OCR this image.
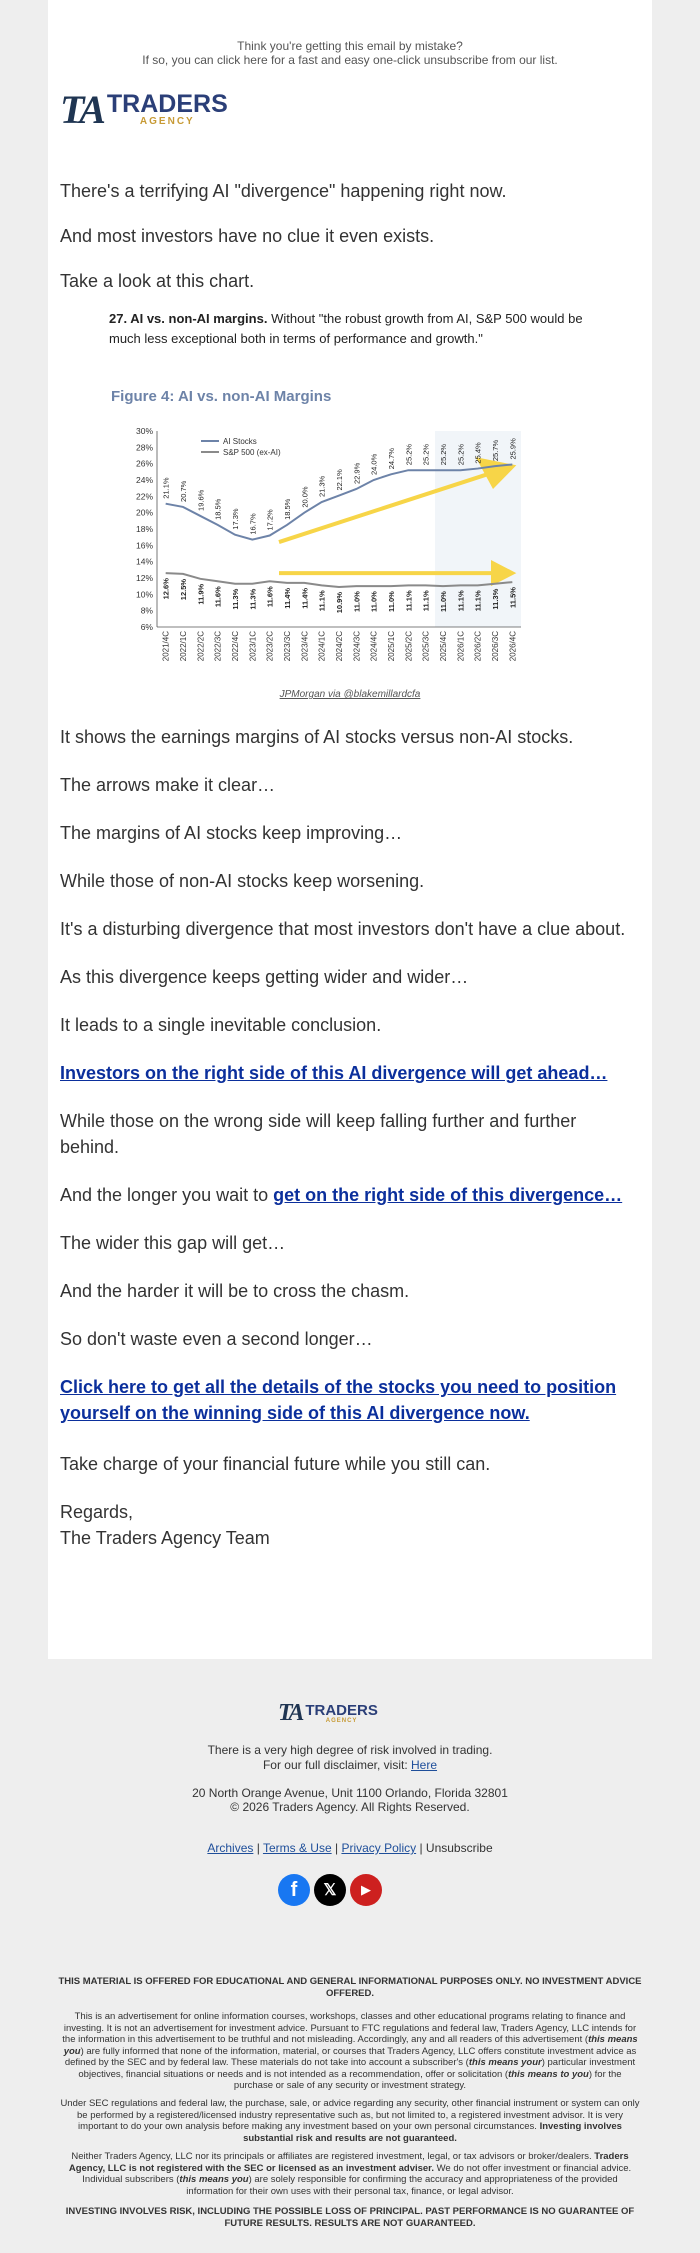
Think you're getting this email by mistake?
If so, you can click here for a fast and easy one-click unsubscribe from our list.
TA TRADERS
AGENCY
There's a terrifying AI "divergence" happening right now.
And most investors have no clue it even exists.
Take a look at this chart.
27. AI vs. non-AI margins. Without "the robust growth from AI, S&P 500 would be much less exceptional both in terms of performance and growth."
Figure 4: AI vs. non-AI Margins
30%
28%
26%
24%
22%
20%
18%
16%
14%
12%
10%
8%
6%
2021/4C 2022/1C 2022/2C 2022/3C 2022/4C 2023/1C 2023/2C 2023/3C 2023/4C 2024/1C 2024/2C 2024/3C 2024/4C 2025/1C 2025/2C 2025/3C 2025/4C 2026/1C 2026/2C 2026/3C 2026/4C
21.1% 20.7% 19.6% 18.5% 17.3% 16.7% 17.2% 18.5%
20.0% 21.3% 22.1% 22.9% 24.0% 24.7% 25.2% 25.2% 25.2% 25.2% 25.4% 25.7% 25.9%
12.6% 12.5% 11.9% 11.6% 11.3% 11.3% 11.6% 11.4% 11.4% 11.1% 10.9% 11.0% 11.0% 11.0% 11.1% 11.1% 11.0% 11.1% 11.1% 11.3% 11.5%
AI Stocks
S&P 500 (ex-AI)
JPMorgan via @blakemillardcfa
It shows the earnings margins of AI stocks versus non-AI stocks.
The arrows make it clear…
The margins of AI stocks keep improving…
While those of non-AI stocks keep worsening.
It's a disturbing divergence that most investors don't have a clue about.
As this divergence keeps getting wider and wider…
It leads to a single inevitable conclusion.
Investors on the right side of this AI divergence will get ahead…
While those on the wrong side will keep falling further and further behind.
And the longer you wait to get on the right side of this divergence…
The wider this gap will get…
And the harder it will be to cross the chasm.
So don't waste even a second longer…
Click here to get all the details of the stocks you need to position yourself on the winning side of this AI divergence now.
Take charge of your financial future while you still can.
Regards,
The Traders Agency Team
TA TRADERS
AGENCY
There is a very high degree of risk involved in trading.
For our full disclaimer, visit: Here
20 North Orange Avenue, Unit 1100 Orlando, Florida 32801
© 2026 Traders Agency. All Rights Reserved.
Archives | Terms & Use | Privacy Policy | Unsubscribe
f 𝕏 ▶
THIS MATERIAL IS OFFERED FOR EDUCATIONAL AND GENERAL INFORMATIONAL PURPOSES ONLY. NO INVESTMENT ADVICE OFFERED.
This is an advertisement for online information courses, workshops, classes and other educational programs relating to finance and investing. It is not an advertisement for investment advice. Pursuant to FTC regulations and federal law, Traders Agency, LLC intends for the information in this advertisement to be truthful and not misleading. Accordingly, any and all readers of this advertisement (this means you) are fully informed that none of the information, material, or courses that Traders Agency, LLC offers constitute investment advice as defined by the SEC and by federal law. These materials do not take into account a subscriber's (this means your) particular investment objectives, financial situations or needs and is not intended as a recommendation, offer or solicitation (this means to you) for the purchase or sale of any security or investment strategy.
Under SEC regulations and federal law, the purchase, sale, or advice regarding any security, other financial instrument or system can only be performed by a registered/licensed industry representative such as, but not limited to, a registered investment advisor. It is very important to do your own analysis before making any investment based on your own personal circumstances. Investing involves substantial risk and results are not guaranteed.
Neither Traders Agency, LLC nor its principals or affiliates are registered investment, legal, or tax advisors or broker/dealers. Traders Agency, LLC is not registered with the SEC or licensed as an investment adviser. We do not offer investment or financial advice. Individual subscribers (this means you) are solely responsible for confirming the accuracy and appropriateness of the provided information for their own uses with their personal tax, finance, or legal advisor.
INVESTING INVOLVES RISK, INCLUDING THE POSSIBLE LOSS OF PRINCIPAL. PAST PERFORMANCE IS NO GUARANTEE OF FUTURE RESULTS. RESULTS ARE NOT GUARANTEED.
